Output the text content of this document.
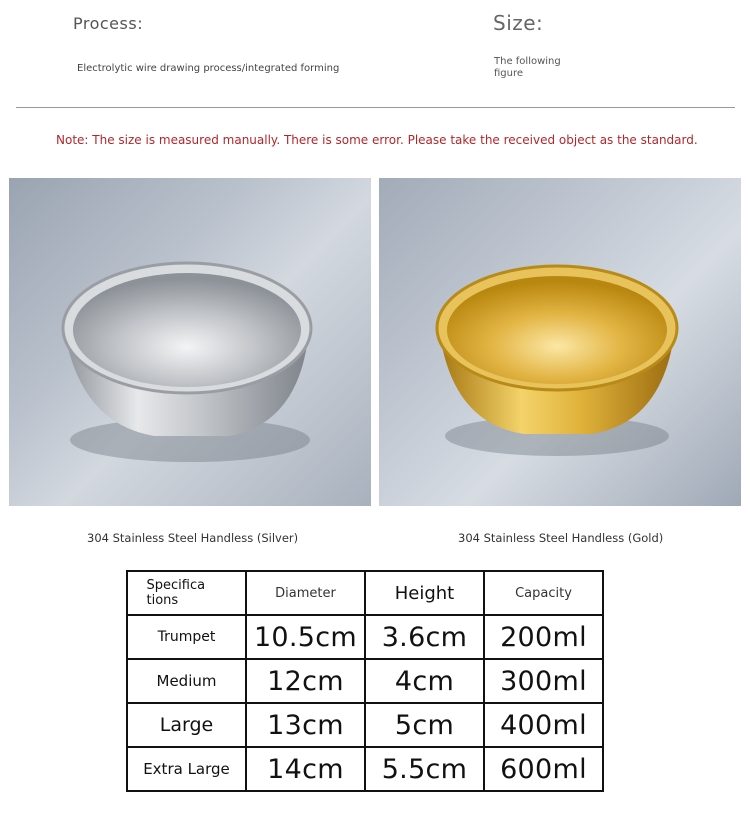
Process:
Electrolytic wire drawing process/integrated forming
Size:
The following figure
Note: The size is measured manually. There is some error. Please take the received object as the standard.
304 Stainless Steel Handless (Silver)	304 Stainless Steel Handless (Gold)
Specifica tions	Diameter	Height	Capacity
Trumpet	10.5cm	3.6cm	200ml
Medium	12cm	4cm	300ml
Large	13cm	5cm	400ml
Extra Large	14cm	5.5cm	600ml
